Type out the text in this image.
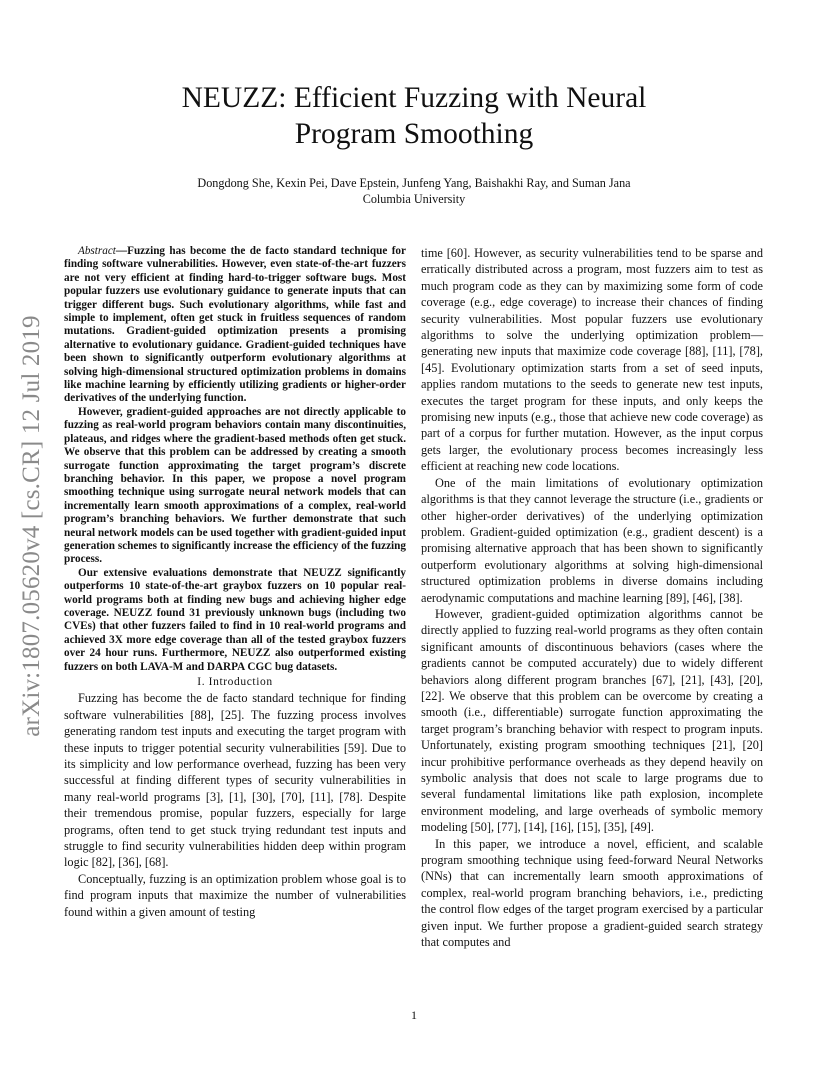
arXiv:1807.05620v4 [cs.CR] 12 Jul 2019
NEUZZ: Efficient Fuzzing with Neural
Program Smoothing
Dongdong She, Kexin Pei, Dave Epstein, Junfeng Yang, Baishakhi Ray, and Suman Jana
Columbia University

Abstract—Fuzzing has become the de facto standard technique for finding software vulnerabilities. However, even state-of-the-art fuzzers are not very efficient at finding hard-to-trigger software bugs. Most popular fuzzers use evolutionary guidance to generate inputs that can trigger different bugs. Such evolutionary algorithms, while fast and simple to implement, often get stuck in fruitless sequences of random mutations. Gradient-guided optimization presents a promising alternative to evolutionary guidance. Gradient-guided techniques have been shown to significantly outperform evolutionary algorithms at solving high-dimensional structured optimization problems in domains like machine learning by efficiently utilizing gradients or higher-order derivatives of the underlying function.

However, gradient-guided approaches are not directly applicable to fuzzing as real-world program behaviors contain many discontinuities, plateaus, and ridges where the gradient-based methods often get stuck. We observe that this problem can be addressed by creating a smooth surrogate function approximating the target program’s discrete branching behavior. In this paper, we propose a novel program smoothing technique using surrogate neural network models that can incrementally learn smooth approximations of a complex, real-world program’s branching behaviors. We further demonstrate that such neural network models can be used together with gradient-guided input generation schemes to significantly increase the efficiency of the fuzzing process.

Our extensive evaluations demonstrate that NEUZZ significantly outperforms 10 state-of-the-art graybox fuzzers on 10 popular real-world programs both at finding new bugs and achieving higher edge coverage. NEUZZ found 31 previously unknown bugs (including two CVEs) that other fuzzers failed to find in 10 real-world programs and achieved 3X more edge coverage than all of the tested graybox fuzzers over 24 hour runs. Furthermore, NEUZZ also outperformed existing fuzzers on both LAVA-M and DARPA CGC bug datasets.

I. Introduction

Fuzzing has become the de facto standard technique for finding software vulnerabilities [88], [25]. The fuzzing process involves generating random test inputs and executing the target program with these inputs to trigger potential security vulnerabilities [59]. Due to its simplicity and low performance overhead, fuzzing has been very successful at finding different types of security vulnerabilities in many real-world programs [3], [1], [30], [70], [11], [78]. Despite their tremendous promise, popular fuzzers, especially for large programs, often tend to get stuck trying redundant test inputs and struggle to find security vulnerabilities hidden deep within program logic [82], [36], [68].

Conceptually, fuzzing is an optimization problem whose goal is to find program inputs that maximize the number of vulnerabilities found within a given amount of testing

time [60]. However, as security vulnerabilities tend to be sparse and erratically distributed across a program, most fuzzers aim to test as much program code as they can by maximizing some form of code coverage (e.g., edge coverage) to increase their chances of finding security vulnerabilities. Most popular fuzzers use evolutionary algorithms to solve the underlying optimization problem—generating new inputs that maximize code coverage [88], [11], [78], [45]. Evolutionary optimization starts from a set of seed inputs, applies random mutations to the seeds to generate new test inputs, executes the target program for these inputs, and only keeps the promising new inputs (e.g., those that achieve new code coverage) as part of a corpus for further mutation. However, as the input corpus gets larger, the evolutionary process becomes increasingly less efficient at reaching new code locations.

One of the main limitations of evolutionary optimization algorithms is that they cannot leverage the structure (i.e., gradients or other higher-order derivatives) of the underlying optimization problem. Gradient-guided optimization (e.g., gradient descent) is a promising alternative approach that has been shown to significantly outperform evolutionary algorithms at solving high-dimensional structured optimization problems in diverse domains including aerodynamic computations and machine learning [89], [46], [38].

However, gradient-guided optimization algorithms cannot be directly applied to fuzzing real-world programs as they often contain significant amounts of discontinuous behaviors (cases where the gradients cannot be computed accurately) due to widely different behaviors along different program branches [67], [21], [43], [20], [22]. We observe that this problem can be overcome by creating a smooth (i.e., differentiable) surrogate function approximating the target program’s branching behavior with respect to program inputs. Unfortunately, existing program smoothing techniques [21], [20] incur prohibitive performance overheads as they depend heavily on symbolic analysis that does not scale to large programs due to several fundamental limitations like path explosion, incomplete environment modeling, and large overheads of symbolic memory modeling [50], [77], [14], [16], [15], [35], [49].

In this paper, we introduce a novel, efficient, and scalable program smoothing technique using feed-forward Neural Networks (NNs) that can incrementally learn smooth approximations of complex, real-world program branching behaviors, i.e., predicting the control flow edges of the target program exercised by a particular given input. We further propose a gradient-guided search strategy that computes and

1
